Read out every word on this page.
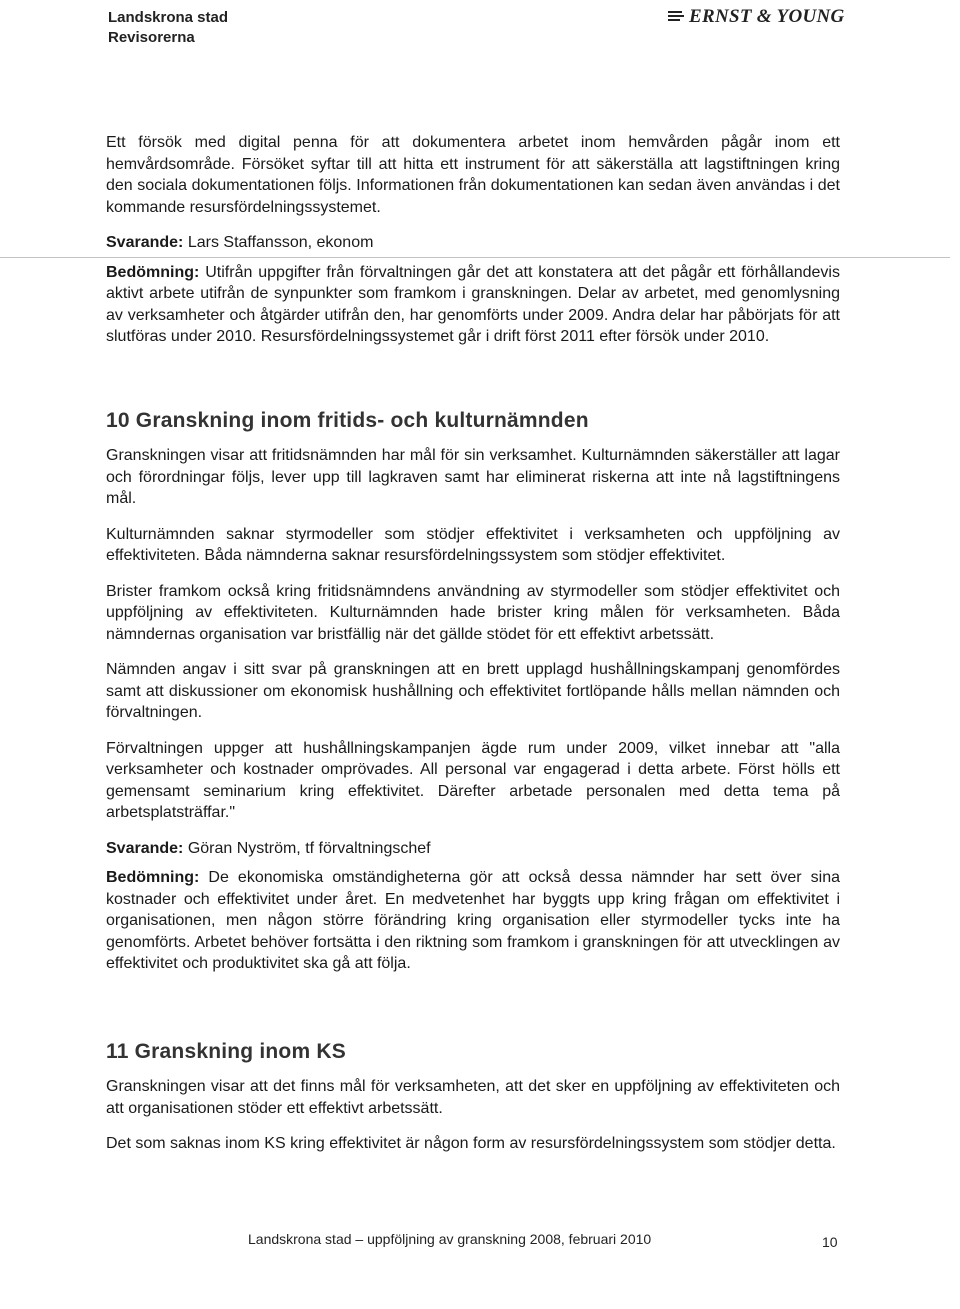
Landskrona stad
Revisorerna
ERNST & YOUNG

Ett försök med digital penna för att dokumentera arbetet inom hemvården pågår inom ett hemvårdsområde. Försöket syftar till att hitta ett instrument för att säkerställa att lagstiftningen kring den sociala dokumentationen följs. Informationen från dokumentationen kan sedan även användas i det kommande resursfördelningssystemet.

Svarande: Lars Staffansson, ekonom

Bedömning: Utifrån uppgifter från förvaltningen går det att konstatera att det pågår ett förhållandevis aktivt arbete utifrån de synpunkter som framkom i granskningen. Delar av arbetet, med genomlysning av verksamheter och åtgärder utifrån den, har genomförts under 2009. Andra delar har påbörjats för att slutföras under 2010. Resursfördelningssystemet går i drift först 2011 efter försök under 2010.

10 Granskning inom fritids- och kulturnämnden

Granskningen visar att fritidsnämnden har mål för sin verksamhet. Kulturnämnden säkerställer att lagar och förordningar följs, lever upp till lagkraven samt har eliminerat riskerna att inte nå lagstiftningens mål.

Kulturnämnden saknar styrmodeller som stödjer effektivitet i verksamheten och uppföljning av effektiviteten. Båda nämnderna saknar resursfördelningssystem som stödjer effektivitet.

Brister framkom också kring fritidsnämndens användning av styrmodeller som stödjer effektivitet och uppföljning av effektiviteten. Kulturnämnden hade brister kring målen för verksamheten. Båda nämndernas organisation var bristfällig när det gällde stödet för ett effektivt arbetssätt.

Nämnden angav i sitt svar på granskningen att en brett upplagd hushållningskampanj genomfördes samt att diskussioner om ekonomisk hushållning och effektivitet fortlöpande hålls mellan nämnden och förvaltningen.

Förvaltningen uppger att hushållningskampanjen ägde rum under 2009, vilket innebar att "alla verksamheter och kostnader omprövades. All personal var engagerad i detta arbete. Först hölls ett gemensamt seminarium kring effektivitet. Därefter arbetade personalen med detta tema på arbetsplatsträffar."

Svarande: Göran Nyström, tf förvaltningschef

Bedömning: De ekonomiska omständigheterna gör att också dessa nämnder har sett över sina kostnader och effektivitet under året. En medvetenhet har byggts upp kring frågan om effektivitet i organisationen, men någon större förändring kring organisation eller styrmodeller tycks inte ha genomförts. Arbetet behöver fortsätta i den riktning som framkom i granskningen för att utvecklingen av effektivitet och produktivitet ska gå att följa.

11 Granskning inom KS

Granskningen visar att det finns mål för verksamheten, att det sker en uppföljning av effektiviteten och att organisationen stöder ett effektivt arbetssätt.

Det som saknas inom KS kring effektivitet är någon form av resursfördelningssystem som stödjer detta.

Landskrona stad – uppföljning av granskning 2008, februari 2010	10
